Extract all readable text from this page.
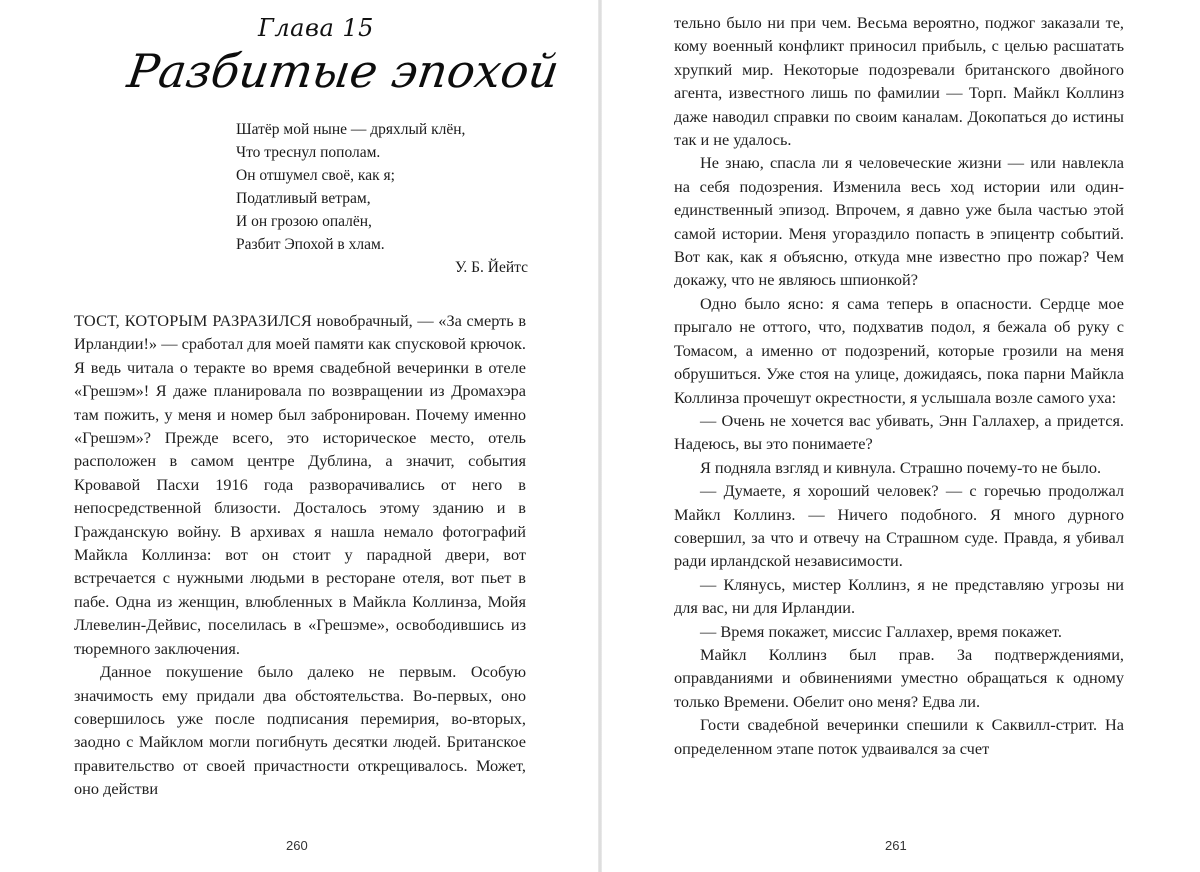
Глава 15
Разбитые эпохой
Шатёр мой ныне — дряхлый клён,
Что треснул пополам.
Он отшумел своё, как я;
Податливый ветрам,
И он грозою опалён,
Разбит Эпохой в хлам.
У. Б. Йейтс

ТОСТ, КОТОРЫМ РАЗРАЗИЛСЯ новобрачный, — «За смерть в Ирландии!» — сработал для моей памяти как спусковой крючок. Я ведь читала о теракте во время свадебной вечеринки в отеле «Грешэм»! Я даже планировала по возвращении из Дромахэра там пожить, у меня и номер был забронирован. Почему именно «Грешэм»? Прежде всего, это историческое место, отель расположен в самом центре Дублина, а значит, события Кровавой Пасхи 1916 года разворачивались от него в непосредственной близости. Досталось этому зданию и в Гражданскую войну. В архивах я нашла немало фотографий Майкла Коллинза: вот он стоит у парадной двери, вот встречается с нужными людьми в ресторане отеля, вот пьет в пабе. Одна из женщин, влюбленных в Майкла Коллинза, Мойя Ллевелин-Дейвис, поселилась в «Грешэме», освободившись из тюремного заключения.

Данное покушение было далеко не первым. Особую значимость ему придали два обстоятельства. Во-первых, оно совершилось уже после подписания перемирия, во-вторых, заодно с Майклом могли погибнуть десятки людей. Британское правительство от своей причастности открещивалось. Может, оно действи

260

тельно было ни при чем. Весьма вероятно, поджог заказали те, кому военный конфликт приносил прибыль, с целью расшатать хрупкий мир. Некоторые подозревали британского двойного агента, известного лишь по фамилии — Торп. Майкл Коллинз даже наводил справки по своим каналам. Докопаться до истины так и не удалось.

Не знаю, спасла ли я человеческие жизни — или навлекла на себя подозрения. Изменила весь ход истории или один-единственный эпизод. Впрочем, я давно уже была частью этой самой истории. Меня угораздило попасть в эпицентр событий. Вот как, как я объясню, откуда мне известно про пожар? Чем докажу, что не являюсь шпионкой?

Одно было ясно: я сама теперь в опасности. Сердце мое прыгало не оттого, что, подхватив подол, я бежала об руку с Томасом, а именно от подозрений, которые грозили на меня обрушиться. Уже стоя на улице, дожидаясь, пока парни Майкла Коллинза прочешут окрестности, я услышала возле самого уха:

— Очень не хочется вас убивать, Энн Галлахер, а придется. Надеюсь, вы это понимаете?

Я подняла взгляд и кивнула. Страшно почему-то не было.

— Думаете, я хороший человек? — с горечью продолжал Майкл Коллинз. — Ничего подобного. Я много дурного совершил, за что и отвечу на Страшном суде. Правда, я убивал ради ирландской независимости.

— Клянусь, мистер Коллинз, я не представляю угрозы ни для вас, ни для Ирландии.

— Время покажет, миссис Галлахер, время покажет.

Майкл Коллинз был прав. За подтверждениями, оправданиями и обвинениями уместно обращаться к одному только Времени. Обелит оно меня? Едва ли.

Гости свадебной вечеринки спешили к Саквилл-стрит. На определенном этапе поток удваивался за счет

261
